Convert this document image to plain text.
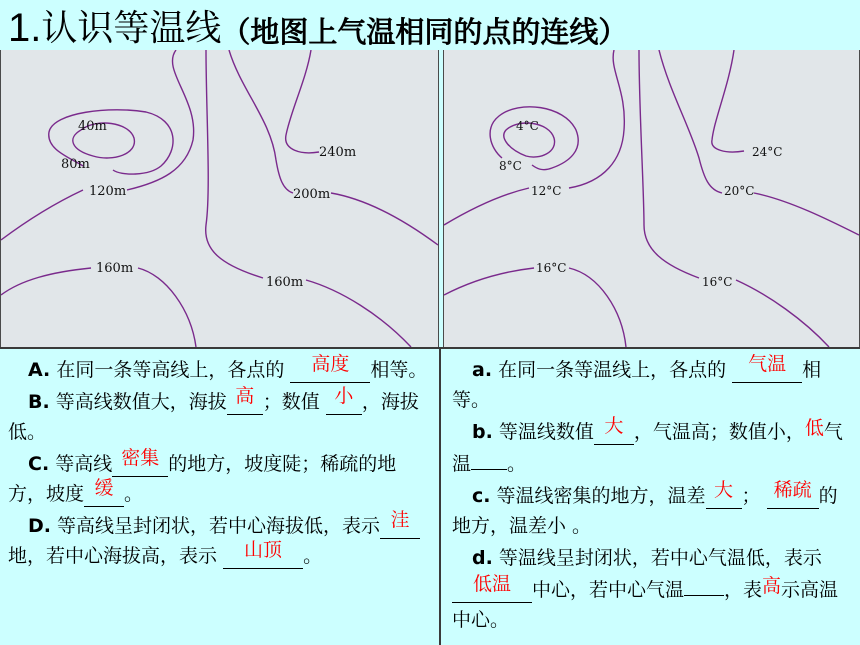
1.认识等温线（地图上气温相同的点的连线）
40m
80m
120m
240m
200m
160m
160m
4°C
8°C
12°C
24°C
20°C
16°C
16°C

A. 在同一条等高线上，各点的 高度 相等。

B. 等高线数值大，海拔 高 ；数值 小 ，海拔低。

C. 等高线 密集 的地方，坡度陡；稀疏的地方，坡度 缓 。

D. 等高线呈封闭状，若中心海拔低，表示 洼地，若中心海拔高，表示 山顶 。

a. 在同一条等温线上，各点的 气温 相等。

b. 等温线数值 大 ，气温高；数值小，低气温 。

c. 等温线密集的地方，温差 大 ； 稀疏 的地方，温差小 。

d. 等温线呈封闭状，若中心气温低，表示低温 中心，若中心气温 ，表高示高温中心。
